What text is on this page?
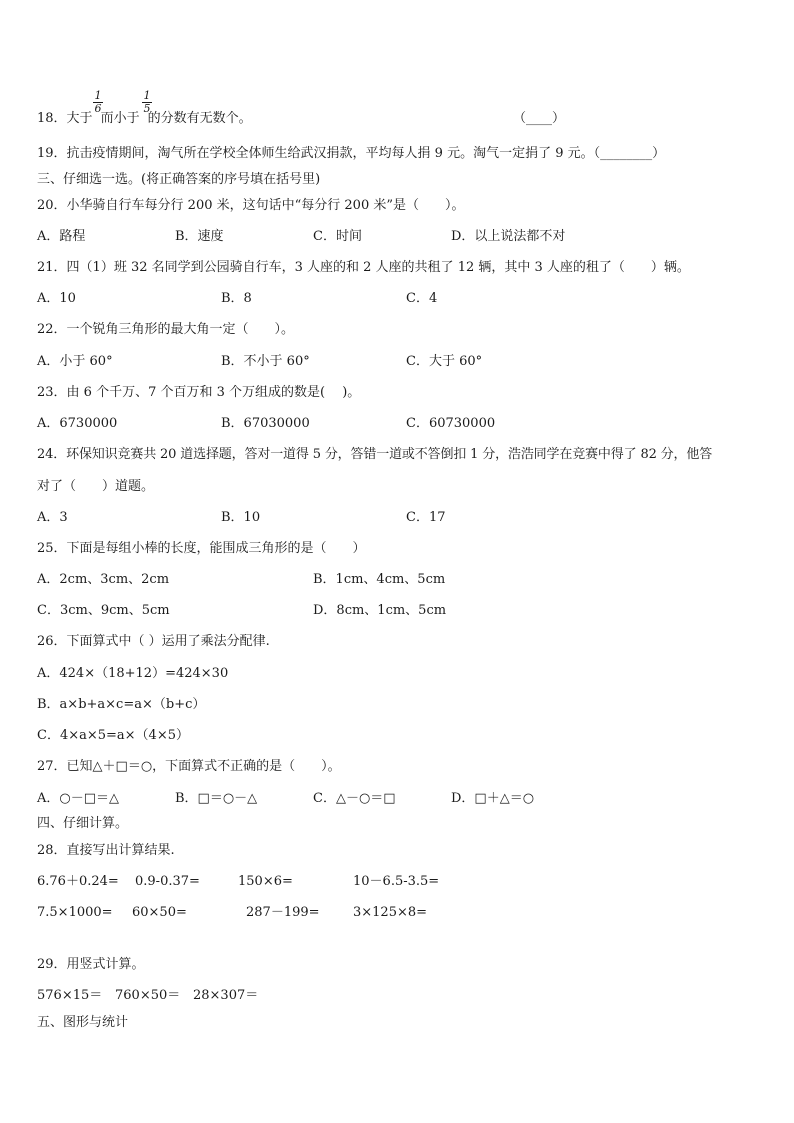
$\frac{1}{6}$	$\frac{1}{5}$
18．大于 而小于 的分数有无数个。	（____）
19．抗击疫情期间，淘气所在学校全体师生给武汉捐款，平均每人捐 9 元。淘气一定捐了 9 元。（________）
三、仔细选一选。(将正确答案的序号填在括号里)
20．小华骑自行车每分行 200 米，这句话中“每分行 200 米”是（　　）。
A．路程	B．速度	C．时间	D．以上说法都不对
21．四（1）班 32 名同学到公园骑自行车，3 人座的和 2 人座的共租了 12 辆，其中 3 人座的租了（　　）辆。
A．10	B．8	C．4
22．一个锐角三角形的最大角一定（　　）。
A．小于 60°	B．不小于 60°	C．大于 60°
23．由 6 个千万、7 个百万和 3 个万组成的数是(　 )。
A．6730000	B．67030000	C．60730000
24．环保知识竞赛共 20 道选择题，答对一道得 5 分，答错一道或不答倒扣 1 分，浩浩同学在竞赛中得了 82 分，他答
对了（　　）道题。
A．3	B．10	C．17
25．下面是每组小棒的长度，能围成三角形的是（　　）
A．2cm、3cm、2cm	B．1cm、4cm、5cm
C．3cm、9cm、5cm	D．8cm、1cm、5cm
26．下面算式中（ ）运用了乘法分配律.
A．424×（18+12）=424×30
B．a×b+a×c=a×（b+c）
C．4×a×5=a×（4×5）
27．已知△＋□＝○，下面算式不正确的是（　　）。
A．○－□＝△	B．□＝○－△	C．△－○＝□	D．□＋△＝○
四、仔细计算。
28．直接写出计算结果.
6.76＋0.24= 0.9-0.37=	150×6=	10－6.5-3.5=
7.5×1000= 60×50=	287－199=	3×125×8=
29．用竖式计算。
576×15＝ 760×50＝ 28×307＝
五、图形与统计
